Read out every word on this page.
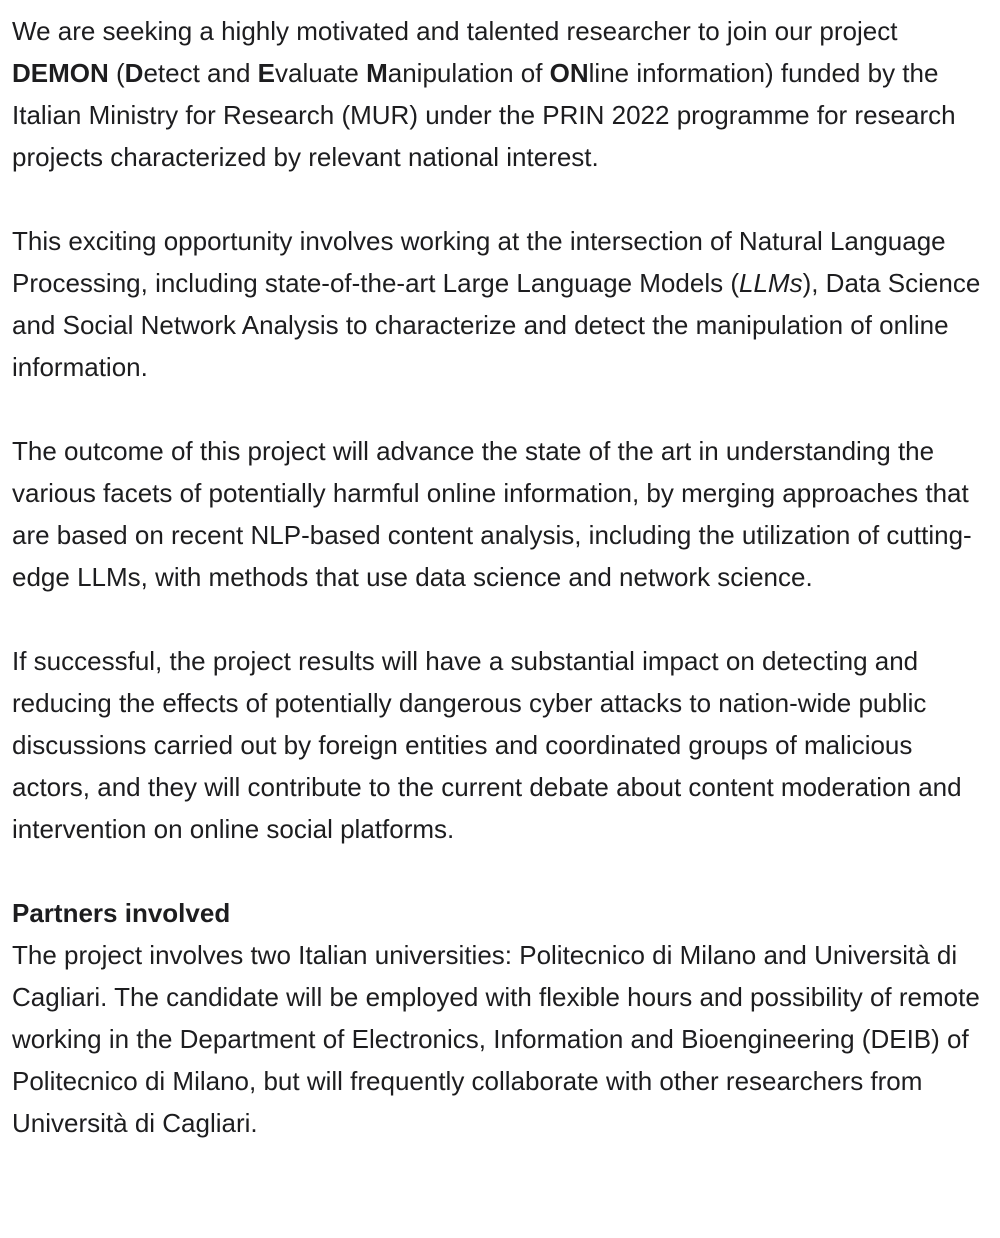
We are seeking a highly motivated and talented researcher to join our project DEMON (Detect and Evaluate Manipulation of ONline information) funded by the Italian Ministry for Research (MUR) under the PRIN 2022 programme for research projects characterized by relevant national interest.

This exciting opportunity involves working at the intersection of Natural Language Processing, including state-of-the-art Large Language Models (LLMs), Data Science and Social Network Analysis to characterize and detect the manipulation of online information.

The outcome of this project will advance the state of the art in understanding the various facets of potentially harmful online information, by merging approaches that are based on recent NLP-based content analysis, including the utilization of cutting-edge LLMs, with methods that use data science and network science.

If successful, the project results will have a substantial impact on detecting and reducing the effects of potentially dangerous cyber attacks to nation-wide public discussions carried out by foreign entities and coordinated groups of malicious actors, and they will contribute to the current debate about content moderation and intervention on online social platforms.

Partners involved
The project involves two Italian universities: Politecnico di Milano and Università di Cagliari. The candidate will be employed with flexible hours and possibility of remote working in the Department of Electronics, Information and Bioengineering (DEIB) of Politecnico di Milano, but will frequently collaborate with other researchers from Università di Cagliari.
